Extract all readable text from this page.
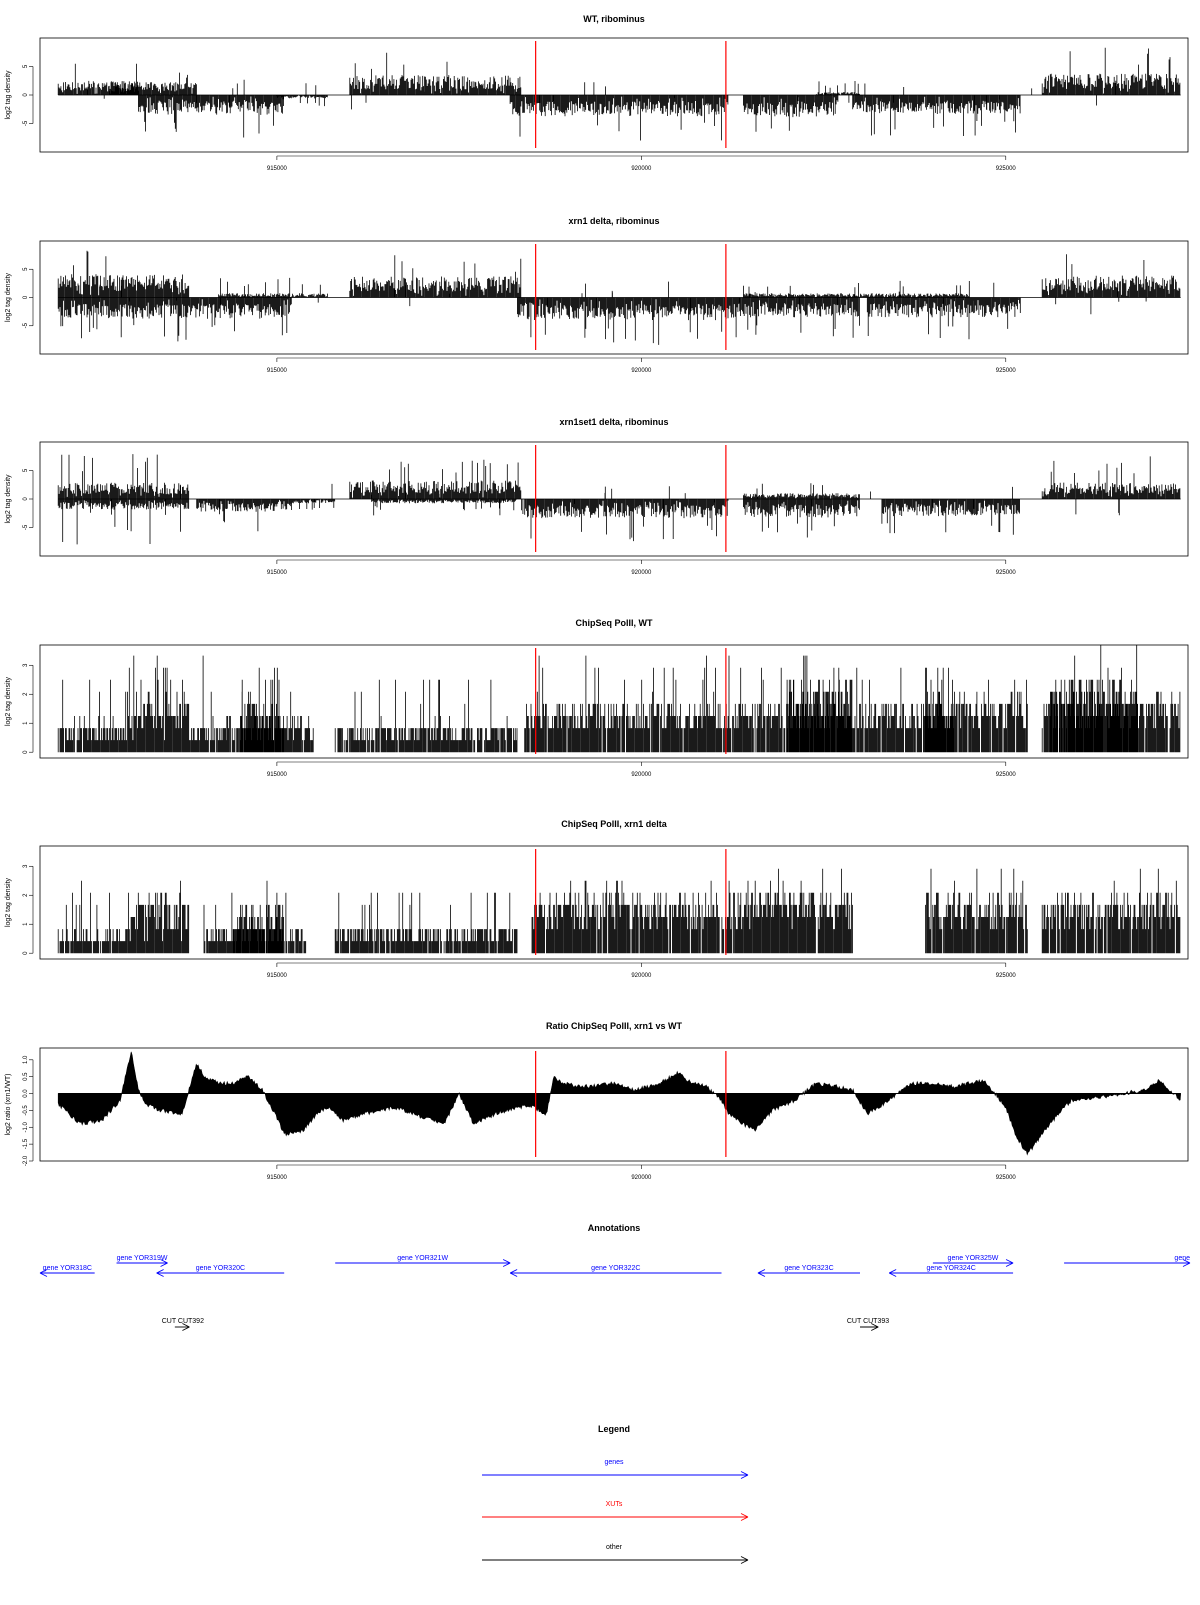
WT, ribominus
915000	920000	925000
-5
0
5
log2 tag density
xrn1 delta, ribominus
915000	920000	925000
-5
0
5
log2 tag density
xrn1set1 delta, ribominus
915000	920000	925000
-5
0
5
log2 tag density
ChipSeq PolII, WT
915000	920000	925000
0
1
2
3
log2 tag density
ChipSeq PolII, xrn1 delta
915000	920000	925000
0
1
2
3
log2 tag density
Ratio ChipSeq PolII, xrn1 vs WT
915000	920000	925000
-2.0
-1.5
-1.0
-0.5
0.0
0.5
1.0
log2 ratio (xrn1/WT)
Annotations
gene YOR318C
gene YOR319W
gene YOR320C
gene YOR321W
gene YOR322C	gene YOR323C	gene YOR324C
gene YOR325W	gene
CUT CUT392	CUT CUT393
Legend
genes
XUTs
other
